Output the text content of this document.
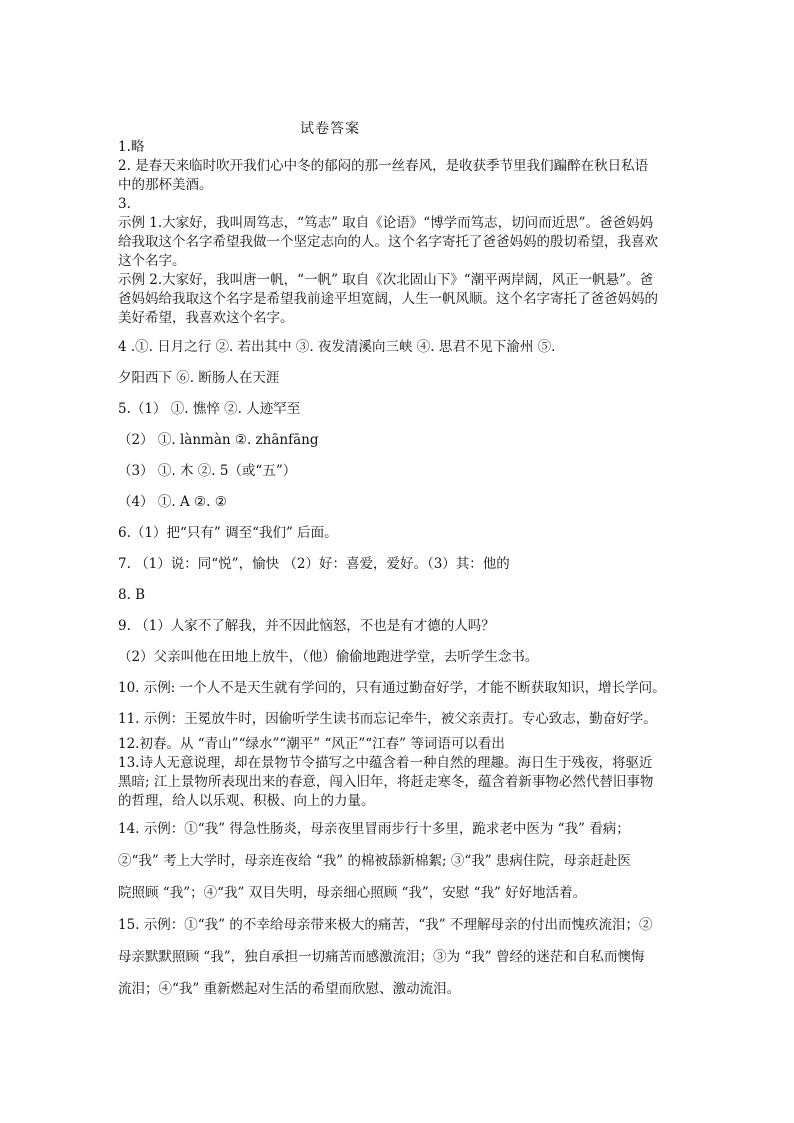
试卷答案
1.略
2. 是春天来临时吹开我们心中冬的郁闷的那一丝春风，是收获季节里我们蹁醉在秋日私语
中的那杯美酒。
3.
示例 1.大家好，我叫周笃志，“笃志” 取自《论语》“博学而笃志，切问而近思”。爸爸妈妈
给我取这个名字希望我做一个坚定志向的人。这个名字寄托了爸爸妈妈的殷切希望，我喜欢
这个名字。
示例 2.大家好，我叫唐一帆，“一帆” 取自《次北固山下》“潮平两岸阔，风正一帆悬”。爸
爸妈妈给我取这个名字是希望我前途平坦宽阔，人生一帆风顺。这个名字寄托了爸爸妈妈的
美好希望，我喜欢这个名字。
4 .①. 日月之行 ②. 若出其中 ③. 夜发清溪向三峡 ④. 思君不见下渝州 ⑤.
夕阳西下 ⑥. 断肠人在天涯
5.（1） ①. 憔悴 ②. 人迹罕至
（2） ①. lànmàn ②. zhānfāng
（3） ①. 木 ②. 5（或“五”）
（4） ①. A ②. ②
6.（1）把“只有” 调至“我们” 后面。
7. （1）说：同“悦”，愉快 （2）好：喜爱，爱好。（3）其：他的
8. B
9. （1）人家不了解我，并不因此恼怒，不也是有才德的人吗？
（2）父亲叫他在田地上放牛，（他）偷偷地跑进学堂，去听学生念书。
10. 示例: 一个人不是天生就有学问的，只有通过勤奋好学，才能不断获取知识，增长学问。
11. 示例：王冕放牛时，因偷听学生读书而忘记牵牛，被父亲责打。专心致志，勤奋好学。
12.初春。从 “青山”“绿水”“潮平” “风正”“江春” 等词语可以看出
13.诗人无意说理，却在景物节令描写之中蕴含着一种自然的理趣。海日生于残夜，将驱近
黑暗; 江上景物所表现出来的春意，闯入旧年，将赶走寒冬，蕴含着新事物必然代替旧事物
的哲理，给人以乐观、积极、向上的力量。
14. 示例：①“我” 得急性肠炎，母亲夜里冒雨步行十多里，跪求老中医为 “我” 看病；
②“我” 考上大学时，母亲连夜给 “我” 的棉被舔新棉絮; ③“我” 患病住院，母亲赶赴医
院照顾 “我”；④“我” 双目失明，母亲细心照顾 “我”，安慰 “我” 好好地活着。
15. 示例：①“我” 的不幸给母亲带来极大的痛苦，“我” 不理解母亲的付出而愧疚流泪；②
母亲默默照顾 “我”，独自承担一切痛苦而感激流泪；③为 “我” 曾经的迷茫和自私而懊悔
流泪；④“我” 重新燃起对生活的希望而欣慰、激动流泪。
